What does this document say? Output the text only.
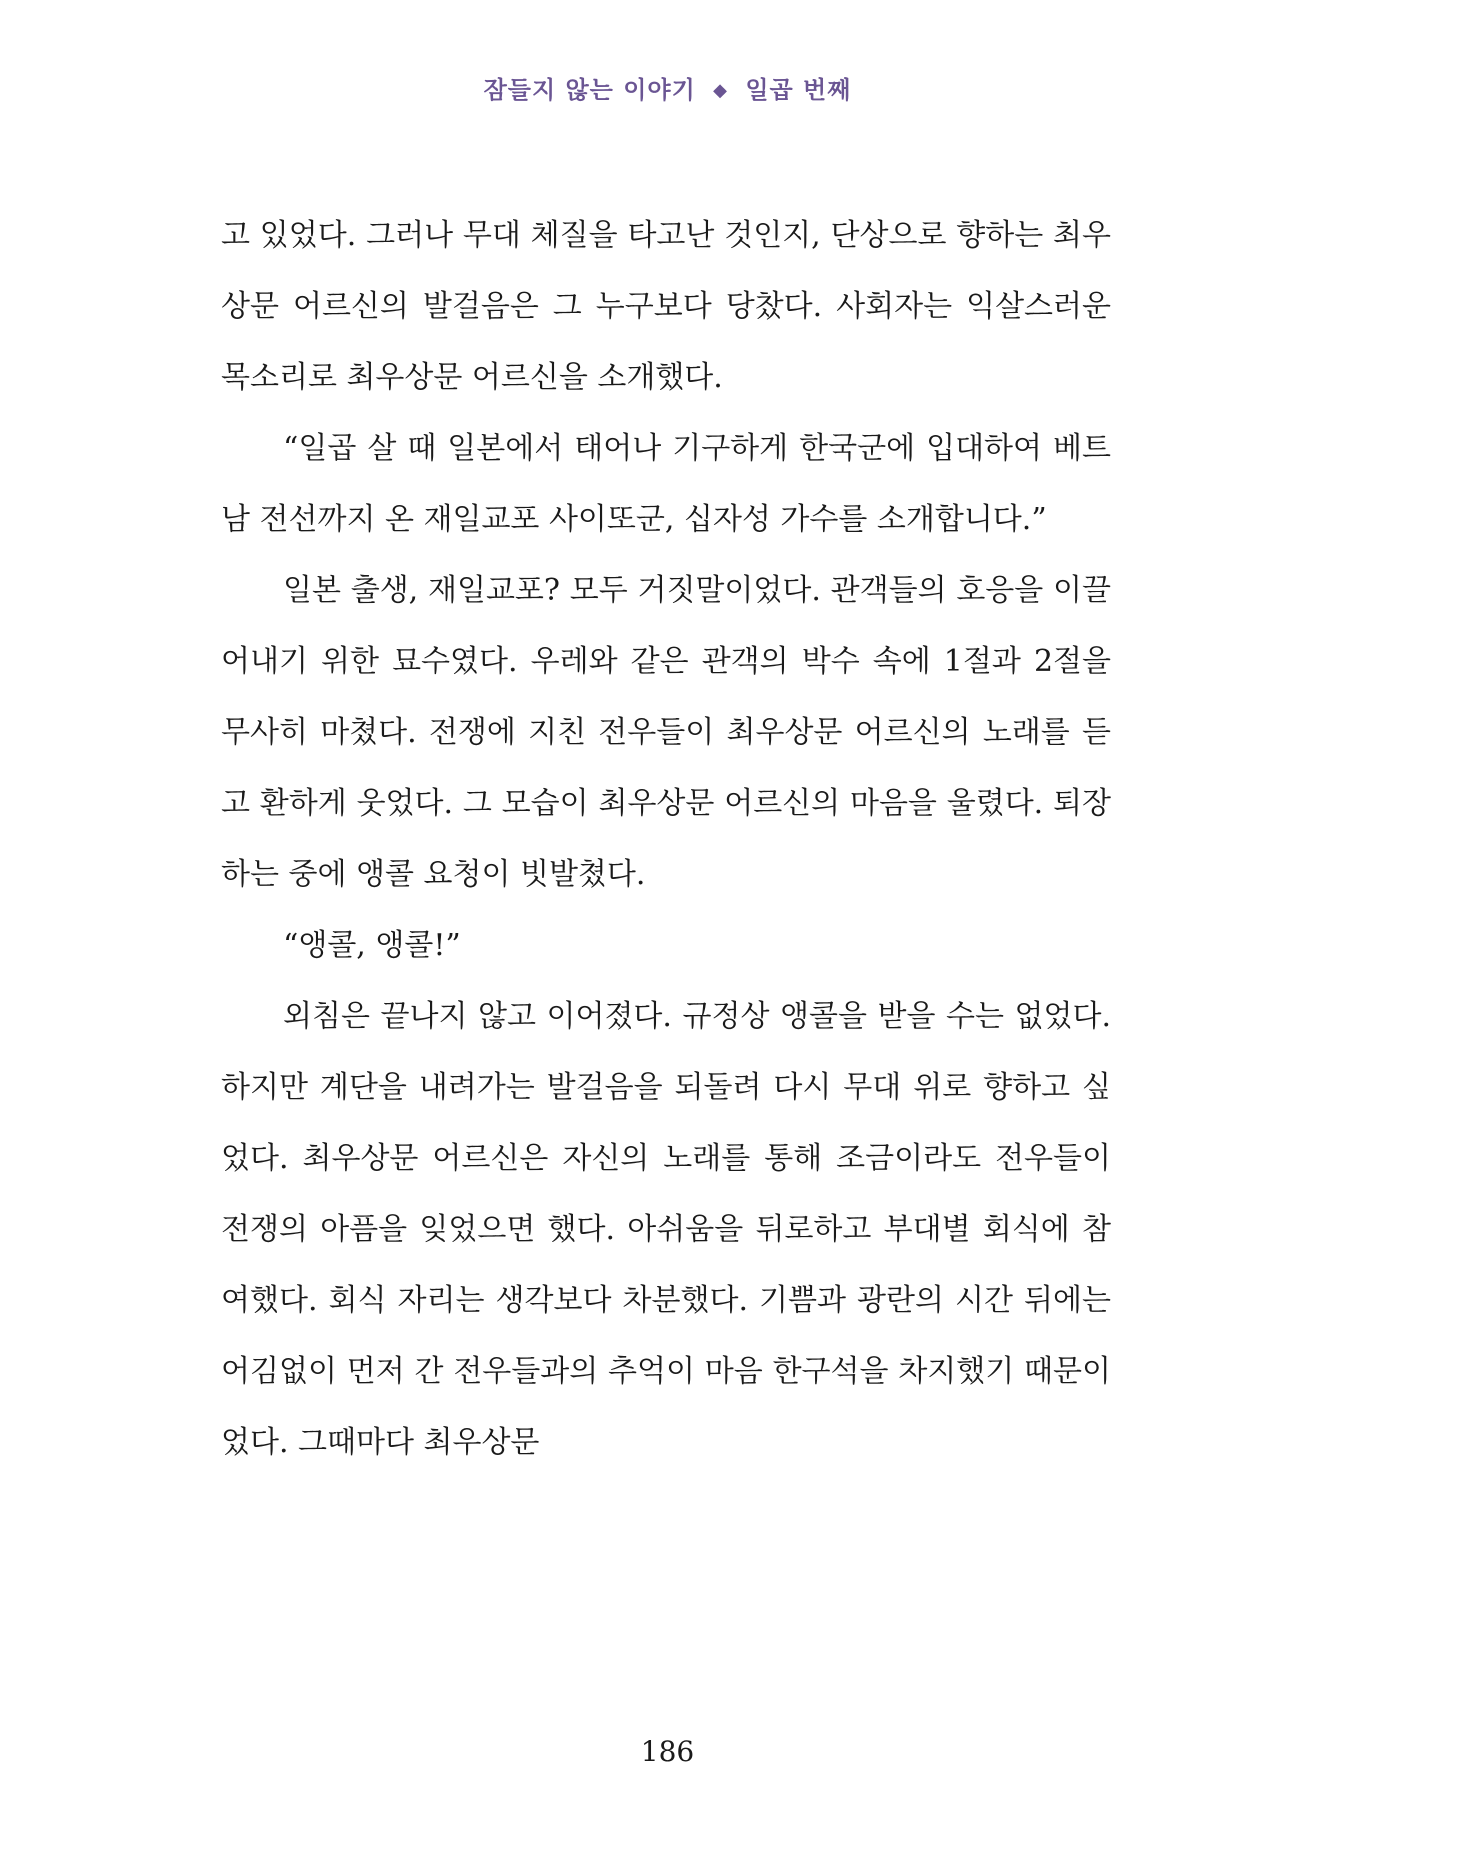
잠들지 않는 이야기 ◆ 일곱 번째

고 있었다. 그러나 무대 체질을 타고난 것인지, 단상으로 향하는 최우상문 어르신의 발걸음은 그 누구보다 당찼다. 사회자는 익살스러운 목소리로 최우상문 어르신을 소개했다.

“일곱 살 때 일본에서 태어나 기구하게 한국군에 입대하여 베트남 전선까지 온 재일교포 사이또군, 십자성 가수를 소개합니다.”

일본 출생, 재일교포? 모두 거짓말이었다. 관객들의 호응을 이끌어내기 위한 묘수였다. 우레와 같은 관객의 박수 속에 1절과 2절을 무사히 마쳤다. 전쟁에 지친 전우들이 최우상문 어르신의 노래를 듣고 환하게 웃었다. 그 모습이 최우상문 어르신의 마음을 울렸다. 퇴장하는 중에 앵콜 요청이 빗발쳤다.

“앵콜, 앵콜!”

외침은 끝나지 않고 이어졌다. 규정상 앵콜을 받을 수는 없었다. 하지만 계단을 내려가는 발걸음을 되돌려 다시 무대 위로 향하고 싶었다. 최우상문 어르신은 자신의 노래를 통해 조금이라도 전우들이 전쟁의 아픔을 잊었으면 했다. 아쉬움을 뒤로하고 부대별 회식에 참여했다. 회식 자리는 생각보다 차분했다. 기쁨과 광란의 시간 뒤에는 어김없이 먼저 간 전우들과의 추억이 마음 한구석을 차지했기 때문이었다. 그때마다 최우상문

186
